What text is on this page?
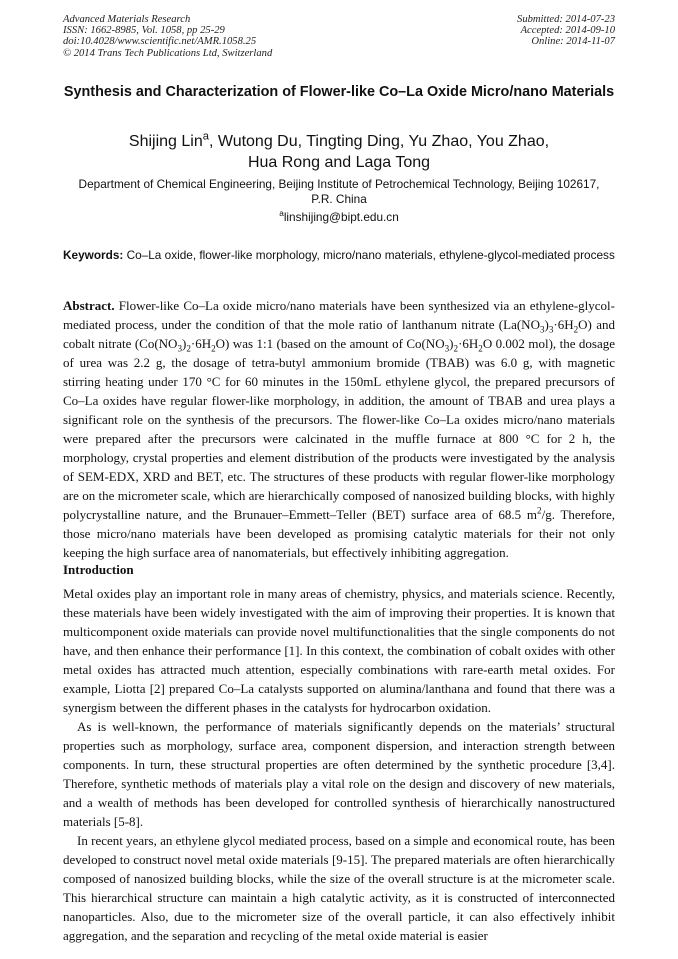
Advanced Materials Research
ISSN: 1662-8985, Vol. 1058, pp 25-29
doi:10.4028/www.scientific.net/AMR.1058.25
© 2014 Trans Tech Publications Ltd, Switzerland
Submitted: 2014-07-23
Accepted: 2014-09-10
Online: 2014-11-07
Synthesis and Characterization of Flower-like Co–La Oxide Micro/nano Materials
Shijing Lin$^a$, Wutong Du, Tingting Ding, Yu Zhao, You Zhao,
Hua Rong and Laga Tong
Department of Chemical Engineering, Beijing Institute of Petrochemical Technology, Beijing 102617, P.R. China
$^a$linshijing@bipt.edu.cn
Keywords: Co–La oxide, flower-like morphology, micro/nano materials, ethylene-glycol-mediated process
Abstract. Flower-like Co–La oxide micro/nano materials have been synthesized via an ethylene-glycol-mediated process, under the condition of that the mole ratio of lanthanum nitrate $(La(NO_3)_3\cdot 6H_2O)$ and cobalt nitrate $(Co(NO_3)_2\cdot 6H_2O)$ was 1:1 (based on the amount of $Co(NO_3)_2\cdot 6H_2O$ 0.002 mol), the dosage of urea was 2.2 g, the dosage of tetra-butyl ammonium bromide (TBAB) was 6.0 g, with magnetic stirring heating under 170 °C for 60 minutes in the 150mL ethylene glycol, the prepared precursors of Co–La oxides have regular flower-like morphology, in addition, the amount of TBAB and urea plays a significant role on the synthesis of the precursors. The flower-like Co–La oxides micro/nano materials were prepared after the precursors were calcinated in the muffle furnace at 800 °C for 2 h, the morphology, crystal properties and element distribution of the products were investigated by the analysis of SEM-EDX, XRD and BET, etc. The structures of these products with regular flower-like morphology are on the micrometer scale, which are hierarchically composed of nanosized building blocks, with highly polycrystalline nature, and the Brunauer–Emmett–Teller (BET) surface area of 68.5 $m^2/g$. Therefore, those micro/nano materials have been developed as promising catalytic materials for their not only keeping the high surface area of nanomaterials, but effectively inhibiting aggregation.
Introduction

Metal oxides play an important role in many areas of chemistry, physics, and materials science. Recently, these materials have been widely investigated with the aim of improving their properties. It is known that multicomponent oxide materials can provide novel multifunctionalities that the single components do not have, and then enhance their performance [1]. In this context, the combination of cobalt oxides with other metal oxides has attracted much attention, especially combinations with rare-earth metal oxides. For example, Liotta [2] prepared Co–La catalysts supported on alumina/lanthana and found that there was a synergism between the different phases in the catalysts for hydrocarbon oxidation.

As is well-known, the performance of materials significantly depends on the materials’ structural properties such as morphology, surface area, component dispersion, and interaction strength between components. In turn, these structural properties are often determined by the synthetic procedure [3,4]. Therefore, synthetic methods of materials play a vital role on the design and discovery of new materials, and a wealth of methods has been developed for controlled synthesis of hierarchically nanostructured materials [5-8].

In recent years, an ethylene glycol mediated process, based on a simple and economical route, has been developed to construct novel metal oxide materials [9-15]. The prepared materials are often hierarchically composed of nanosized building blocks, while the size of the overall structure is at the micrometer scale. This hierarchical structure can maintain a high catalytic activity, as it is constructed of interconnected nanoparticles. Also, due to the micrometer size of the overall particle, it can also effectively inhibit aggregation, and the separation and recycling of the metal oxide material is easier
